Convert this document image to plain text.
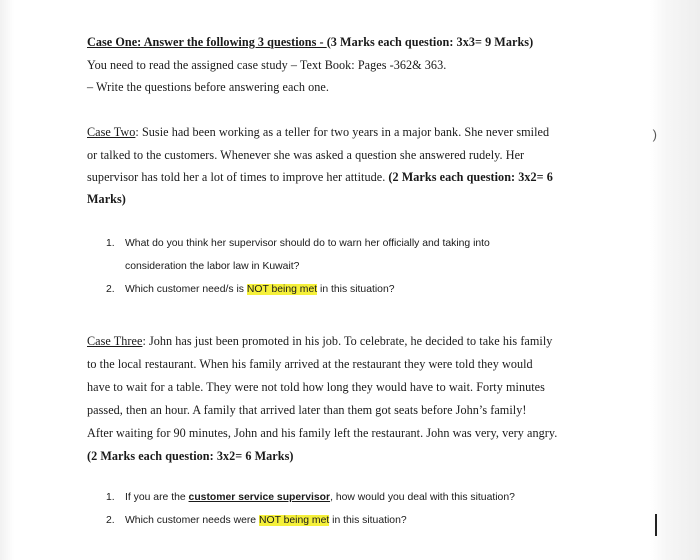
)
Case One: Answer the following 3 questions - (3 Marks each question: 3x3= 9 Marks)
You need to read the assigned case study – Text Book: Pages -362& 363.
– Write the questions before answering each one.
Case Two: Susie had been working as a teller for two years in a major bank. She never smiled
or talked to the customers. Whenever she was asked a question she answered rudely. Her
supervisor has told her a lot of times to improve her attitude. (2 Marks each question: 3x2= 6
Marks)
1. What do you think her supervisor should do to warn her officially and taking into
consideration the labor law in Kuwait?
2. Which customer need/s is NOT being met in this situation?
Case Three: John has just been promoted in his job. To celebrate, he decided to take his family
to the local restaurant. When his family arrived at the restaurant they were told they would
have to wait for a table. They were not told how long they would have to wait. Forty minutes
passed, then an hour. A family that arrived later than them got seats before John’s family!
After waiting for 90 minutes, John and his family left the restaurant. John was very, very angry.
(2 Marks each question: 3x2= 6 Marks)
1. If you are the customer service supervisor, how would you deal with this situation?
2. Which customer needs were NOT being met in this situation?
